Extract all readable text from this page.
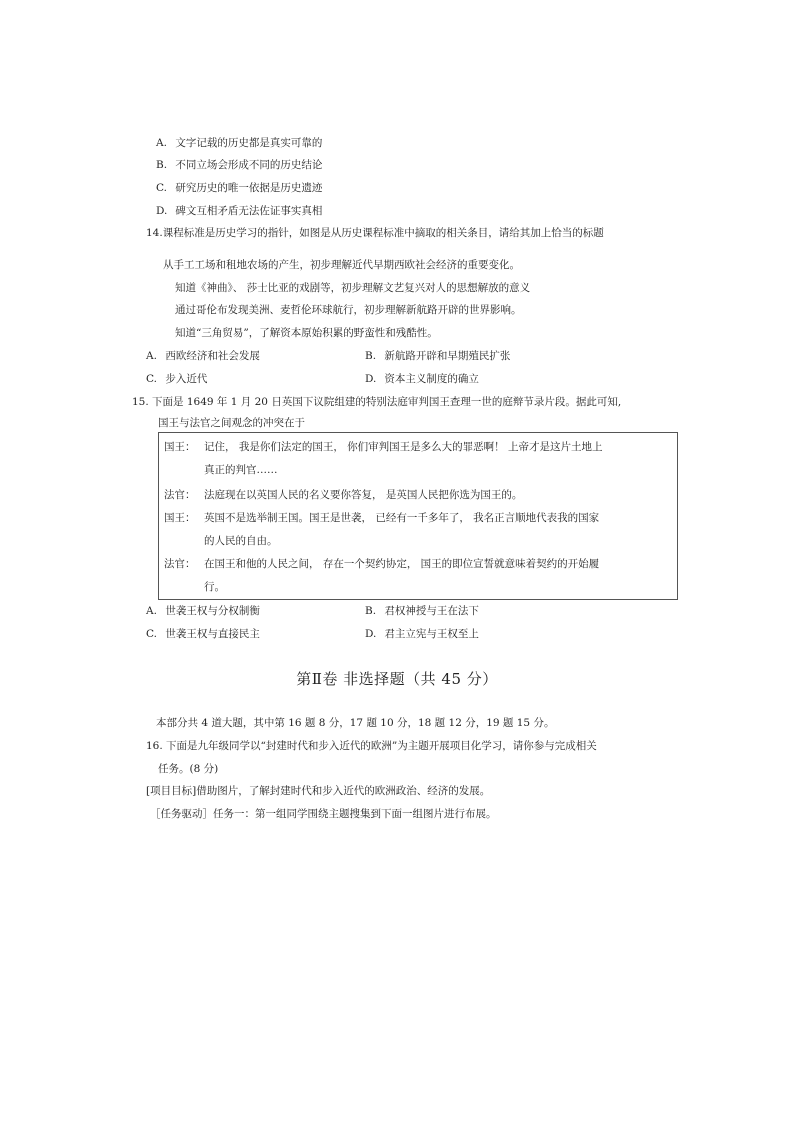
A. 文字记载的历史都是真实可靠的
B. 不同立场会形成不同的历史结论
C. 研究历史的唯一依据是历史遗迹
D. 碑文互相矛盾无法佐证事实真相
14.课程标准是历史学习的指针，如图是从历史课程标准中摘取的相关条目，请给其加上恰当的标题
从手工工场和租地农场的产生，初步理解近代早期西欧社会经济的重要变化。
知道《神曲》、 莎士比亚的戏剧等，初步理解文艺复兴对人的思想解放的意义
通过哥伦布发现美洲、麦哲伦环球航行，初步理解新航路开辟的世界影响。
知道“三角贸易”，了解资本原始积累的野蛮性和残酷性。
A. 西欧经济和社会发展	B. 新航路开辟和早期殖民扩张
C. 步入近代	D. 资本主义制度的确立
15. 下面是 1649 年 1 月 20 日英国下议院组建的特别法庭审判国王查理一世的庭辩节录片段。据此可知,
国王与法官之间观念的冲突在于
国王： 记住， 我是你们法定的国王， 你们审判国王是多么大的罪恶啊！ 上帝才是这片土地上
真正的判官……
法官： 法庭现在以英国人民的名义要你答复， 是英国人民把你选为国王的。
国王： 英国不是选举制王国。国王是世袭， 已经有一千多年了， 我名正言顺地代表我的国家
的人民的自由。
法官： 在国王和他的人民之间， 存在一个契约协定， 国王的即位宣誓就意味着契约的开始履
行。
A. 世袭王权与分权制衡	B. 君权神授与王在法下
C. 世袭王权与直接民主	D. 君主立宪与王权至上
第Ⅱ卷 非选择题（共 45 分）
本部分共 4 道大题，其中第 16 题 8 分，17 题 10 分，18 题 12 分，19 题 15 分。
16. 下面是九年级同学以“封建时代和步入近代的欧洲”为主题开展项目化学习，请你参与完成相关
任务。(8 分)
[项目目标]借助图片，了解封建时代和步入近代的欧洲政治、经济的发展。
［任务驱动］任务一：第一组同学围绕主题搜集到下面一组图片进行布展。
